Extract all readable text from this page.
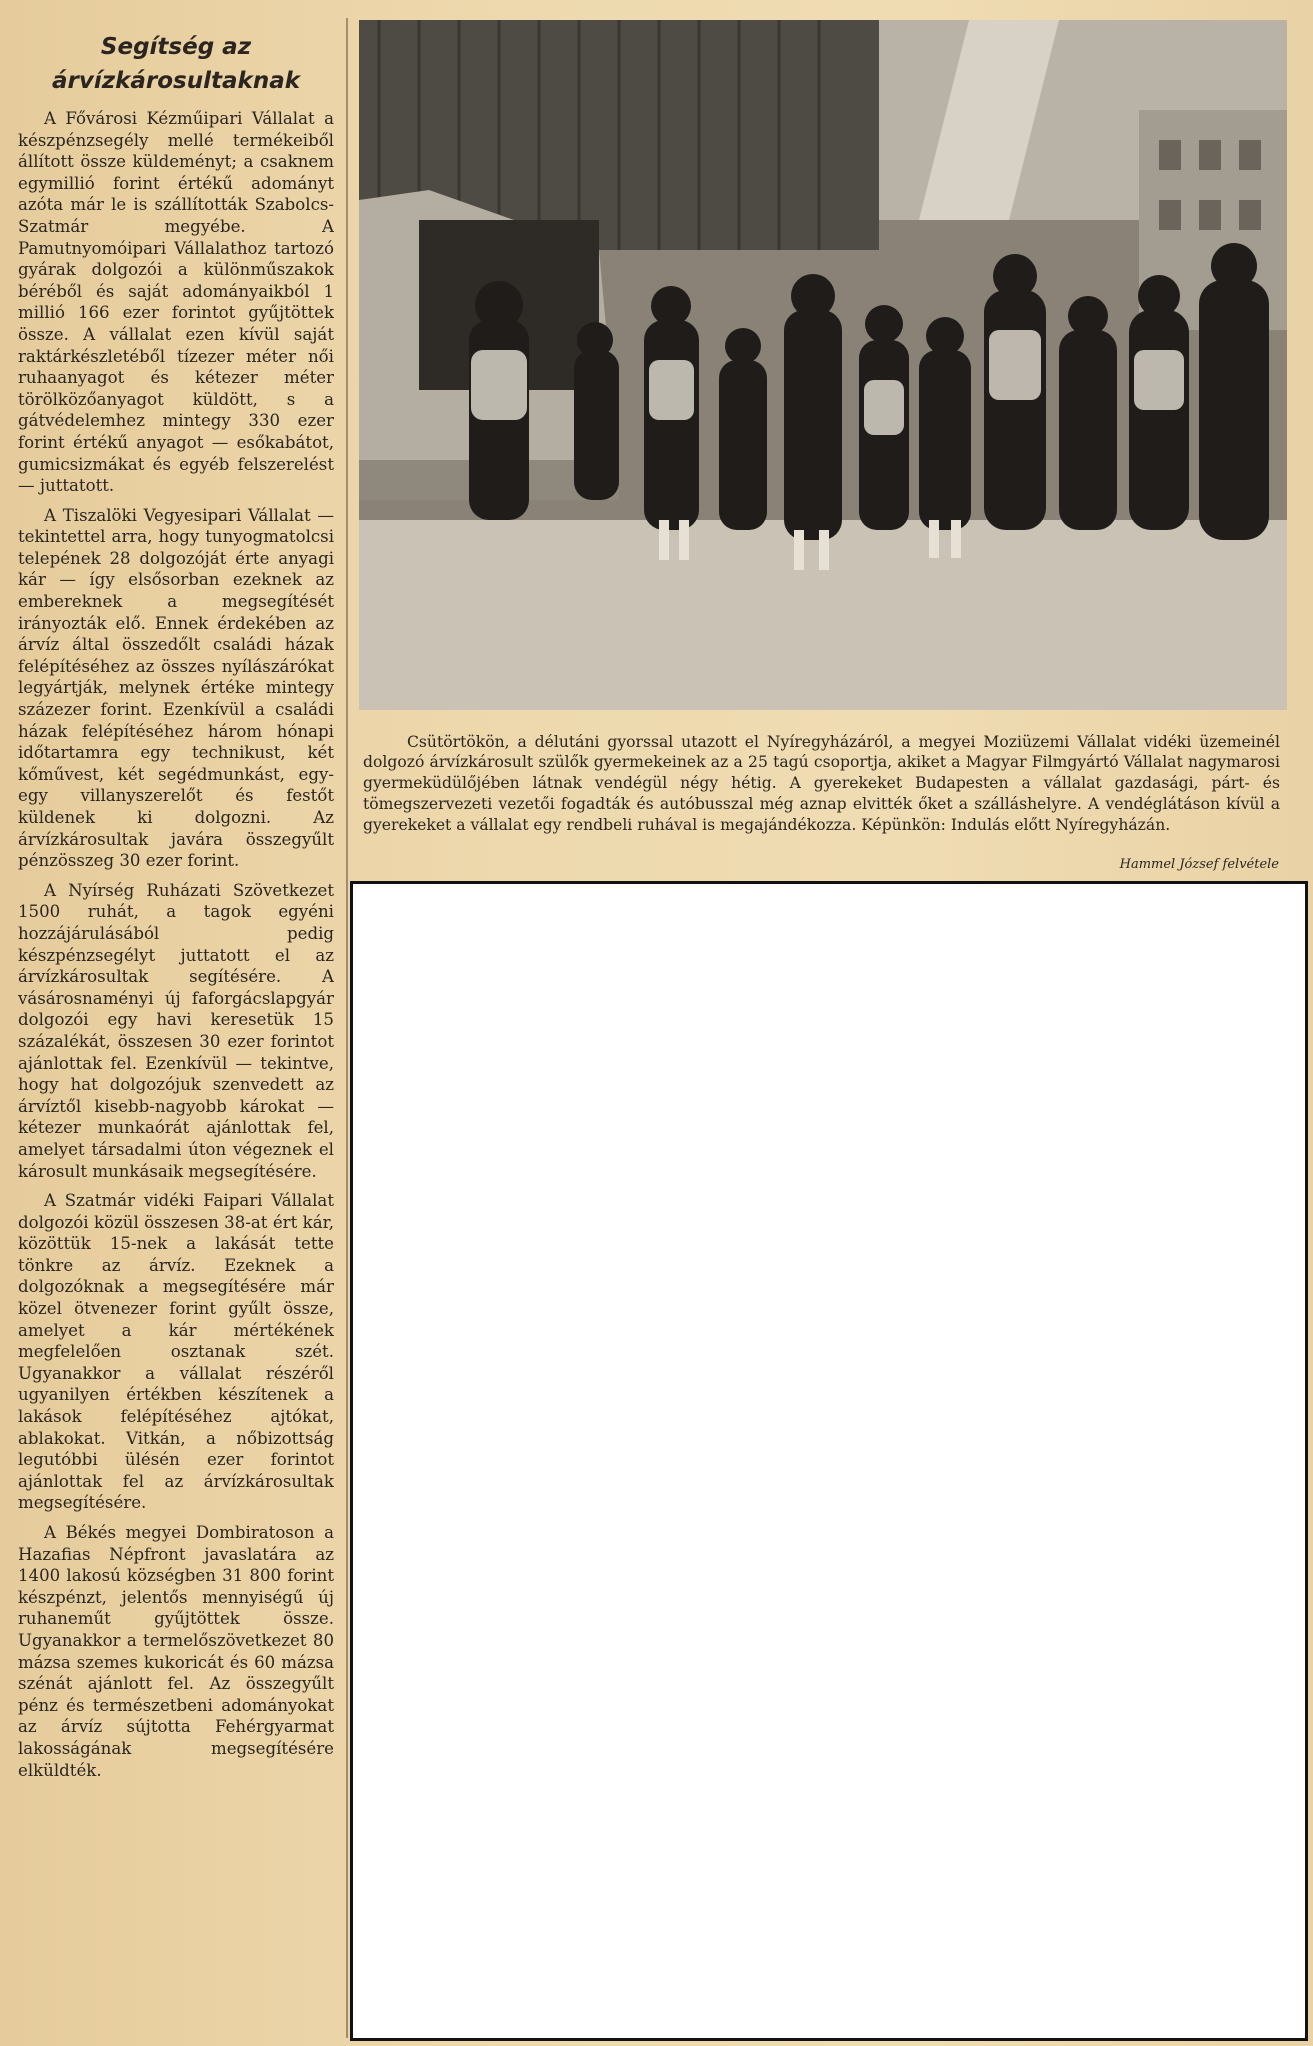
Segítség az
árvízkárosultaknak

A Fővárosi Kézműipari Vállalat a készpénzsegély mellé termékeiből állított össze küldeményt; a csaknem egymillió forint értékű adományt azóta már le is szállították Szabolcs-Szatmár megyébe. A Pamutnyomóipari Vállalathoz tartozó gyárak dolgozói a különműszakok béréből és saját adományaikból 1 millió 166 ezer forintot gyűjtöttek össze. A vállalat ezen kívül saját raktárkészletéből tízezer méter női ruhaanyagot és kétezer méter törölközőanyagot küldött, s a gátvédelemhez mintegy 330 ezer forint értékű anyagot — esőkabátot, gumicsizmákat és egyéb felszerelést — juttatott.

A Tiszalöki Vegyesipari Vállalat — tekintettel arra, hogy tunyogmatolcsi telepének 28 dolgozóját érte anyagi kár — így elsősorban ezeknek az embereknek a megsegítését irányozták elő. Ennek érdekében az árvíz által összedőlt családi házak felépítéséhez az összes nyílászárókat legyártják, melynek értéke mintegy százezer forint. Ezenkívül a családi házak felépítéséhez három hónapi időtartamra egy technikust, két kőművest, két segédmunkást, egy-egy villanyszerelőt és festőt küldenek ki dolgozni. Az árvízkárosultak javára összegyűlt pénzösszeg 30 ezer forint.

A Nyírség Ruházati Szövetkezet 1500 ruhát, a tagok egyéni hozzájárulásából pedig készpénzsegélyt juttatott el az árvízkárosultak segítésére. A vásárosnaményi új faforgácslapgyár dolgozói egy havi keresetük 15 százalékát, összesen 30 ezer forintot ajánlottak fel. Ezenkívül — tekintve, hogy hat dolgozójuk szenvedett az árvíztől kisebb-nagyobb károkat — kétezer munkaórát ajánlottak fel, amelyet társadalmi úton végeznek el károsult munkásaik megsegítésére.

A Szatmár vidéki Faipari Vállalat dolgozói közül összesen 38-at ért kár, közöttük 15-nek a lakását tette tönkre az árvíz. Ezeknek a dolgozóknak a megsegítésére már közel ötvenezer forint gyűlt össze, amelyet a kár mértékének megfelelően osztanak szét. Ugyanakkor a vállalat részéről ugyanilyen értékben készítenek a lakások felépítéséhez ajtókat, ablakokat. Vitkán, a nőbizottság legutóbbi ülésén ezer forintot ajánlottak fel az árvízkárosultak megsegítésére.

A Békés megyei Dombiratoson a Hazafias Népfront javaslatára az 1400 lakosú községben 31 800 forint készpénzt, jelentős mennyiségű új ruhaneműt gyűjtöttek össze. Ugyanakkor a termelőszövetkezet 80 mázsa szemes kukoricát és 60 mázsa szénát ajánlott fel. Az összegyűlt pénz és természetbeni adományokat az árvíz sújtotta Fehérgyarmat lakosságának megsegítésére elküldték.

Csütörtökön, a délutáni gyorssal utazott el Nyíregyházáról, a megyei Moziüzemi Vállalat vidéki üzemeinél dolgozó árvízkárosult szülők gyermekeinek az a 25 tagú csoportja, akiket a Magyar Filmgyártó Vállalat nagymarosi gyermeküdülőjében látnak vendégül négy hétig. A gyerekeket Budapesten a vállalat gazdasági, párt- és tömegszervezeti vezetői fogadták és autóbusszal még aznap elvitték őket a szálláshelyre. A vendéglátáson kívül a gyerekeket a vállalat egy rendbeli ruhával is megajándékozza. Képünkön: Indulás előtt Nyíregyházán.

Hammel József felvétele
